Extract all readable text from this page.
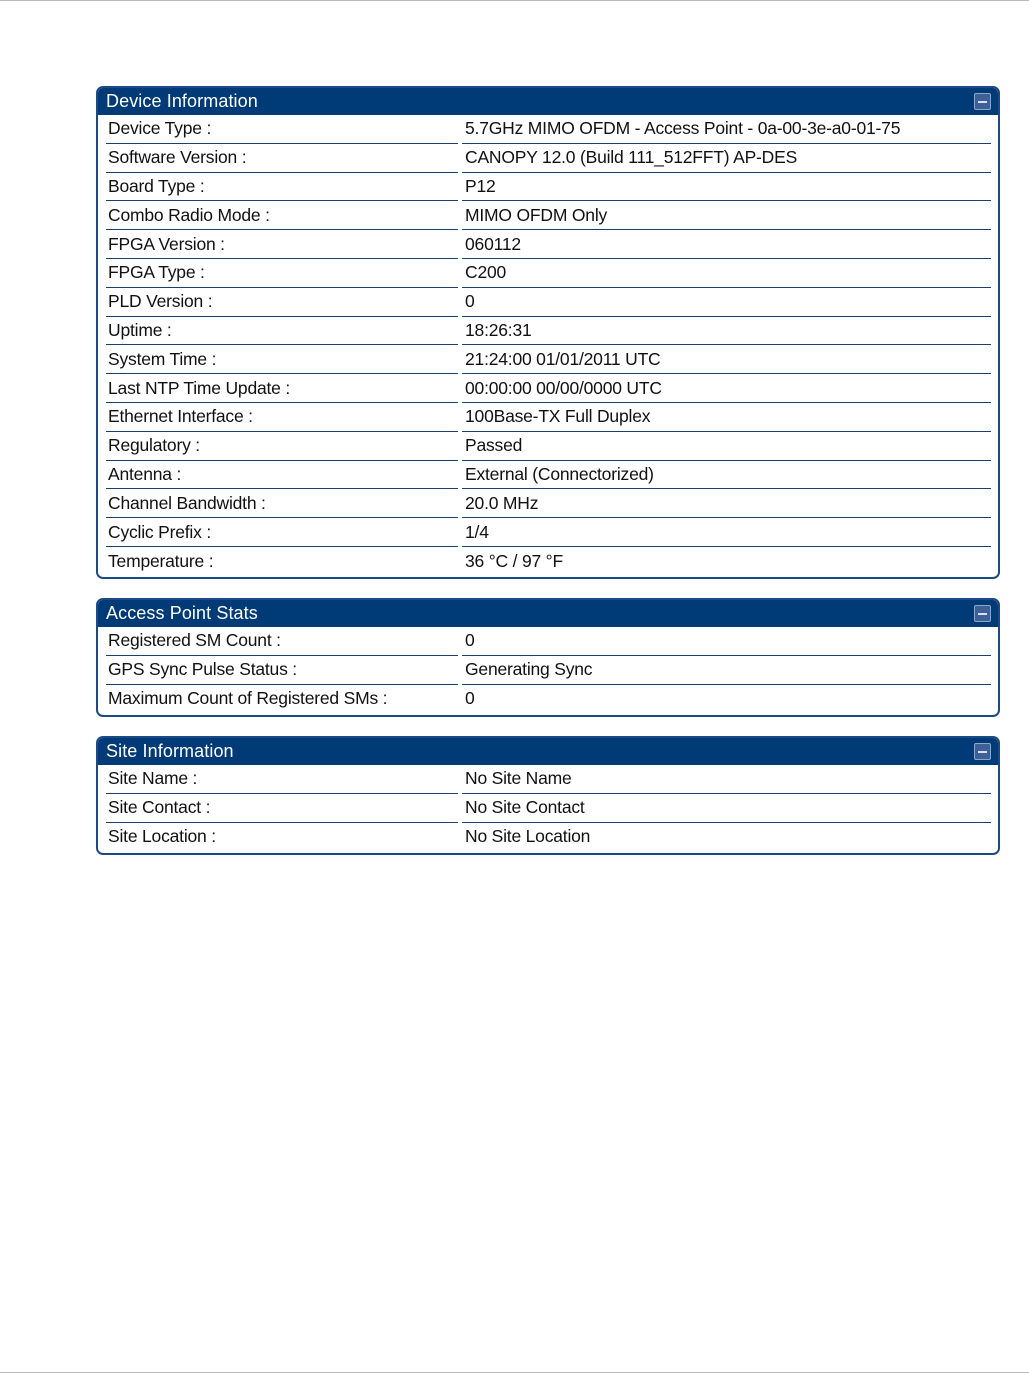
Device Information
Device Type :	5.7GHz MIMO OFDM - Access Point - 0a-00-3e-a0-01-75
Software Version :	CANOPY 12.0 (Build 111_512FFT) AP-DES
Board Type :	P12
Combo Radio Mode :	MIMO OFDM Only
FPGA Version :	060112
FPGA Type :	C200
PLD Version :	0
Uptime :	18:26:31
System Time :	21:24:00 01/01/2011 UTC
Last NTP Time Update :	00:00:00 00/00/0000 UTC
Ethernet Interface :	100Base-TX Full Duplex
Regulatory :	Passed
Antenna :	External (Connectorized)
Channel Bandwidth :	20.0 MHz
Cyclic Prefix :	1/4
Temperature :	36 °C / 97 °F
Access Point Stats
Registered SM Count :	0
GPS Sync Pulse Status :	Generating Sync
Maximum Count of Registered SMs :	0
Site Information
Site Name :	No Site Name
Site Contact :	No Site Contact
Site Location :	No Site Location
